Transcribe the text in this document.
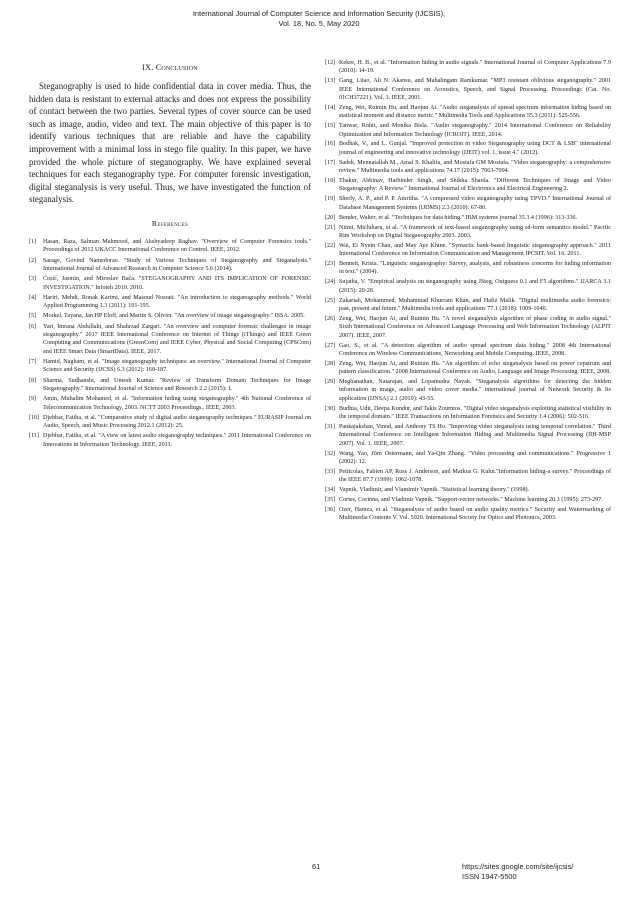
International Journal of Computer Science and Information Security (IJCSIS),
Vol. 18, No. 5, May 2020
IX. Conclusion

Steganography is used to hide confidential data in cover media. Thus, the hidden data is resistant to external attacks and does not express the possibility of contact between the two parties. Several types of cover source can be used such as image, audio, video and text. The main objective of this paper is to identify various techniques that are reliable and have the capability improvement with a minimal loss in stego file quality. In this paper, we have provided the whole picture of steganography. We have explained several techniques for each steganography type. For computer forensic investigation, digital steganalysis is very useful. Thus, we have investigated the function of steganalysis.

References
[1]	Hasan, Raza, Salman Mahmood, and Akshyadeep Raghav. "Overview of Computer Forensics tools." Proceedings of 2012 UKACC International Conference on Control. IEEE, 2012.
[2]	Sarage, Govind Namedorao. "Study of Various Techniques of Steganography and Steganalysis." International Journal of Advanced Research in Computer Science 5.6 (2014).
[3]	Ćosić, Jasmin, and Miroslav Bača. "STEGANOGRAPHY AND ITS IMPLICATION OF FORENSIC INVESTIGATION." Infoteh 2010. 2010.
[4]	Hariri, Mehdi, Ronak Karimi, and Masoud Nosrati. "An introduction to steganography methods." World Applied Programming 1.3 (2011): 191-195.
[5]	Morkel, Tayana, Jan HP Eloff, and Martin S. Olivier. "An overview of image steganography." ISSA. 2005.
[6]	Yari, Imrana Abdullahi, and Shahrzad Zargari. "An overview and computer forensic challenges in image steganography." 2017 IEEE International Conference on Internet of Things (iThings) and IEEE Green Computing and Communications (GreenCom) and IEEE Cyber, Physical and Social Computing (CPSCom) and IEEE Smart Data (SmartData). IEEE, 2017.
[7]	Hamid, Nagham, et al. "Image steganography techniques: an overview." International Journal of Computer Science and Security (IJCSS) 6.3 (2012): 168-187.
[8]	Sharma, Sudhanshi, and Umesh Kumar. "Review of Transform Domain Techniques for Image Steganography." International Journal of Science and Research 2.2 (2015): 1.
[9]	Amin, Muhalim Mohamed, et al. "Information hiding using steganography." 4th National Conference of Telecommunication Technology, 2003. NCTT 2003 Proceedings.. IEEE, 2003.
[10] Djebbar, Fatiha, et al. "Comparative study of digital audio steganography techniques." EURASIP Journal on Audio, Speech, and Music Processing 2012.1 (2012): 25.
[11] Djebbar, Fatiha, et al. "A view on latest audio steganography techniques." 2011 International Conference on Innovations in Information Technology. IEEE, 2011.
[12] Kekre, H. B., et al. "Information hiding in audio signals." International Journal of Computer Applications 7.9 (2010): 14-19.
[13] Gang, Litao, Ali N. Akansu, and Mahalingam Ramkumar. "MP3 resistant oblivious steganography." 2001 IEEE International Conference on Acoustics, Speech, and Signal Processing. Proceedings (Cat. No. 01CH37221). Vol. 3. IEEE, 2001.
[14] Zeng, Wei, Ruimin Hu, and Haojun Ai. "Audio steganalysis of spread spectrum information hiding based on statistical moment and distance metric." Multimedia Tools and Applications 55.3 (2011): 525-556.
[15] Tanwar, Rohit, and Monika Bisla. "Audio steganography." 2014 International Conference on Reliability Optimization and Information Technology (ICROIT). IEEE, 2014.
[16] Bodhak, V., and L. Gunjal. "Improved protection in video Steganography using DCT & LSB" international journal of engineering and innovative technology (IJEIT) vol. 1, issue 4." (2012).
[17] Sadek, Mennatallah M., Amal S. Khalifa, and Mostafa GM Mostafa. "Video steganography: a comprehensive review." Multimedia tools and applications 74.17 (2015): 7063-7094.
[18] Thakur, Abhinav, Harbinder Singh, and Shikha Sharda. "Different Techniques of Image and Video Steganography: A Review." International Journal of Electronics and Electrical Engineering 2.
[19] Sherly, A. P., and P. P. Amritha. "A compressed video steganography using TPVD." International Journal of Database Management Systems (IJDMS) 2.3 (2010): 67-80.
[20] Bender, Walter, et al. "Techniques for data hiding." IBM systems journal 35.3.4 (1996): 313-336.
[21] Niimi, Michiharu, et al. "A framework of text-based steganography using sd-form semantics model." Pacific Rim Workshop on Digital Steganography 2003. 2003.
[22] Wai, Ei Nyein Chan, and May Aye Khine. "Syntactic bank-based linguistic steganography approach." 2011 International Conference on Information Communication and Management IPCSIT. Vol. 16. 2011.
[23] Bennett, Krista. "Linguistic steganography: Survey, analysis, and robustness concerns for hiding information in text." (2004).
[24] Sujatha, V. "Empirical analysis on steganography using JSteg, Outguess 0.1 and F5 algorithms." IJARCA 3.1 (2015): 20-28.
[25] Zakariah, Mohammed, Muhammad Khurram Khan, and Hafiz Malik. "Digital multimedia audio forensics: past, present and future." Multimedia tools and applications 77.1 (2018): 1009-1040.
[26] Zeng, Wei, Haojun Ai, and Ruimin Hu. "A novel steganalysis algorithm of phase coding in audio signal." Sixth International Conference on Advanced Language Processing and Web Information Technology (ALPIT 2007). IEEE, 2007.
[27] Gao, S., et al. "A detection algorithm of audio spread spectrum data hiding." 2008 4th International Conference on Wireless Communications, Networking and Mobile Computing. IEEE, 2008.
[28] Zeng, Wei, Haojun Ai, and Ruimin Hu. "An algorithm of echo steganalysis based on power cepstrum and pattern classification." 2008 International Conference on Audio, Language and Image Processing. IEEE, 2008.
[29] Meghanathan, Natarajan, and Lopamudra Nayak. "Steganalysis algorithms for detecting the hidden information in image, audio and video cover media." international journal of Network Security & Its application (IJNSA) 2.1 (2010): 43-55.
[30] Budhia, Udit, Deepa Kundur, and Takis Zourntos. "Digital video steganalysis exploiting statistical visibility in the temporal domain." IEEE Transactions on Information Forensics and Security 1.4 (2006): 502-516.
[31] Pankajakshan, Vinod, and Anthony TS Ho. "Improving video steganalysis using temporal correlation." Third International Conference on Intelligent Information Hiding and Multimedia Signal Processing (IIH-MSP 2007). Vol. 1. IEEE, 2007.
[32] Wang, Yao, Jörn Ostermann, and Ya-Qin Zhang. "Video processing and communications." Progressive 1 (2002): 12.
[33] Petitcolas, Fabien AP, Ross J. Anderson, and Markus G. Kuhn."Information hiding-a survey." Proceedings of the IEEE 87.7 (1999): 1062-1078.
[34] Vapnik, Vladimir, and Vlamimir Vapnik. "Statistical learning theory." (1998).
[35] Cortes, Corinna, and Vladimir Vapnik. "Support-vector networks." Machine learning 20.3 (1995): 273-297.
[36] Ozer, Hamza, et al. "Steganalysis of audio based on audio quality metrics." Security and Watermarking of Multimedia Contents V. Vol. 5020. International Society for Optics and Photonics, 2003.
61	https://sites.google.com/site/ijcsis/
ISSN 1947-5500
